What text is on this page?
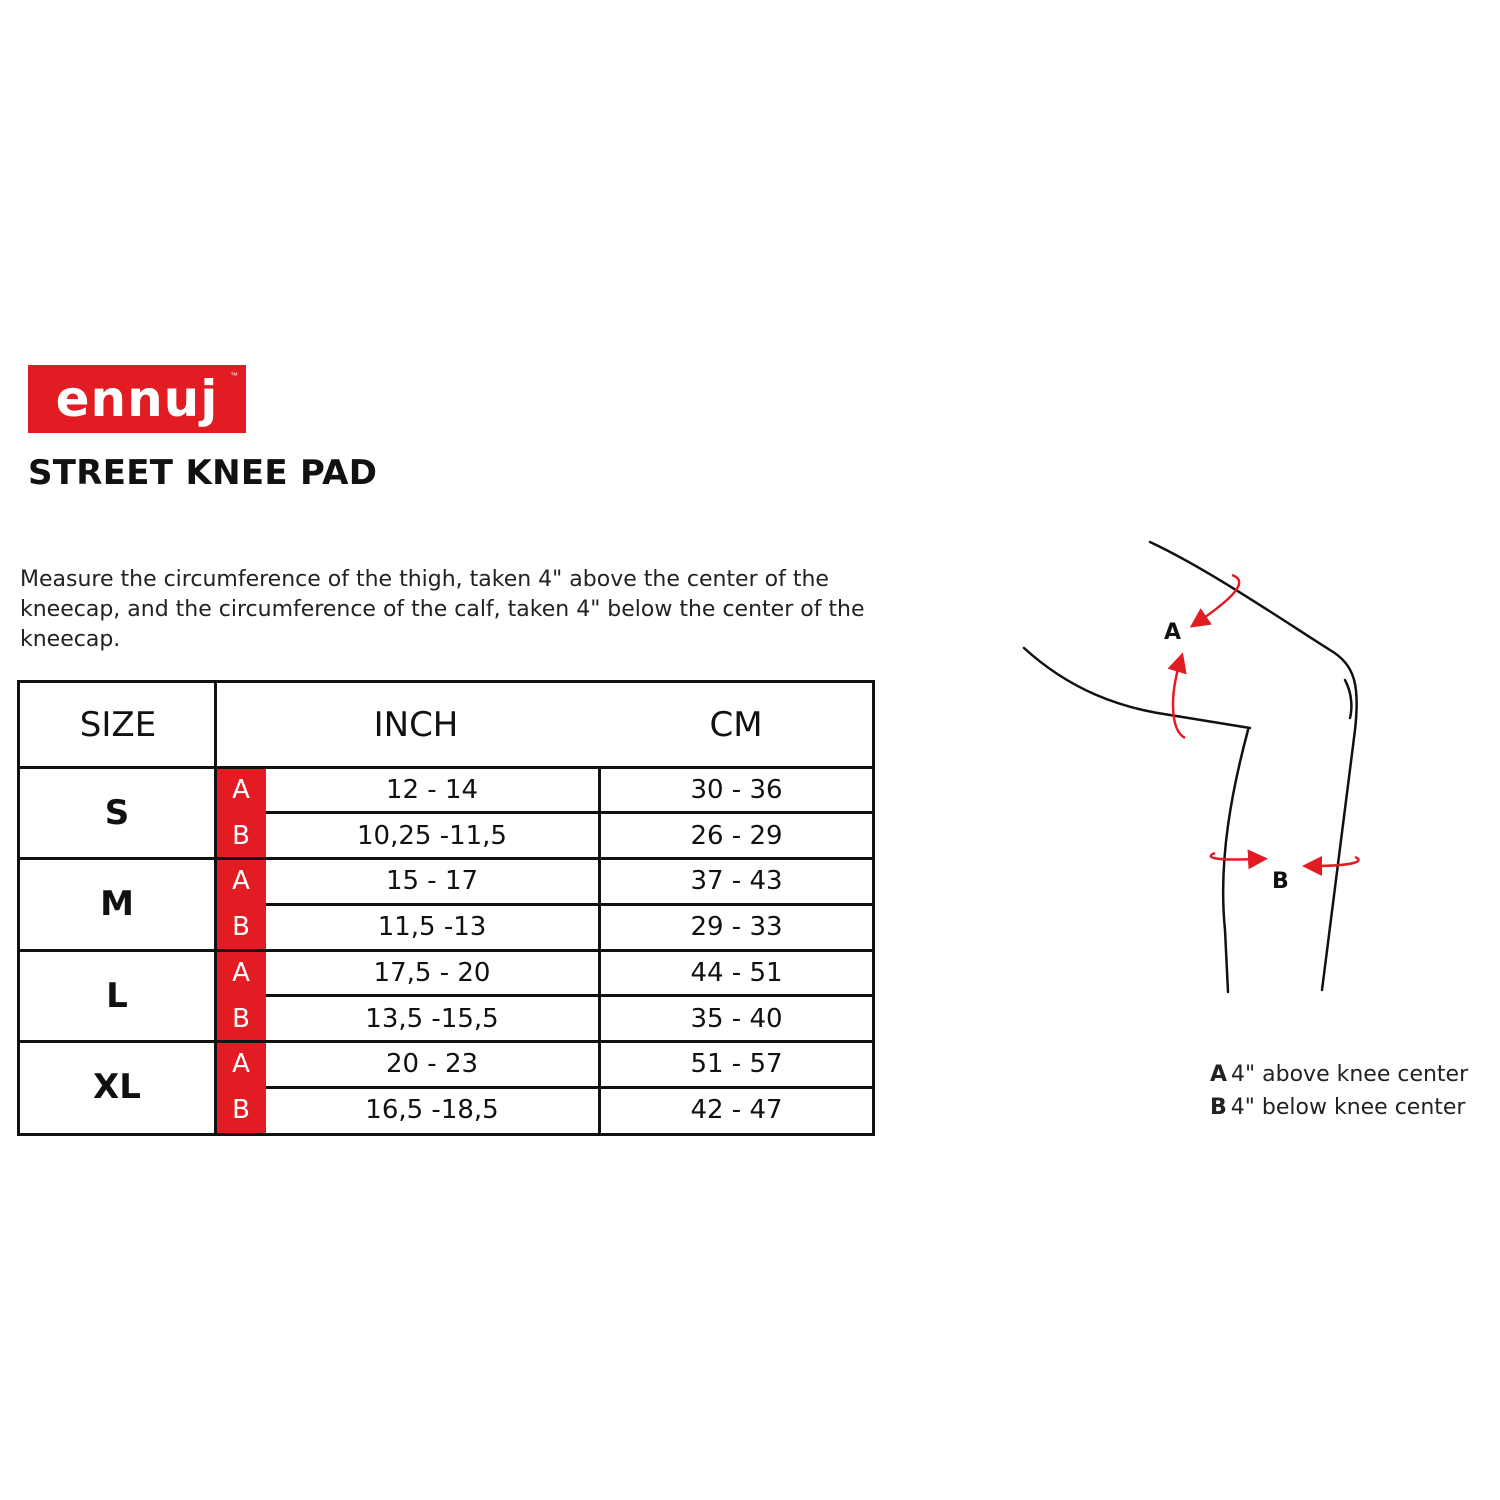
ennuj ™
STREET KNEE PAD
Measure the circumference of the thigh, taken 4" above the center of the kneecap, and the circumference of the calf, taken 4" below the center of the kneecap.
SIZE	INCH	CM
S
A	12 - 14	30 - 36
B	10,25 -11,5	26 - 29
M
A	15 - 17	37 - 43
B	11,5 -13	29 - 33
L
A	17,5 - 20	44 - 51
B	13,5 -15,5	35 - 40
XL
A	20 - 23	51 - 57
B	16,5 -18,5	42 - 47
A
B
A 4" above knee center
B 4" below knee center
